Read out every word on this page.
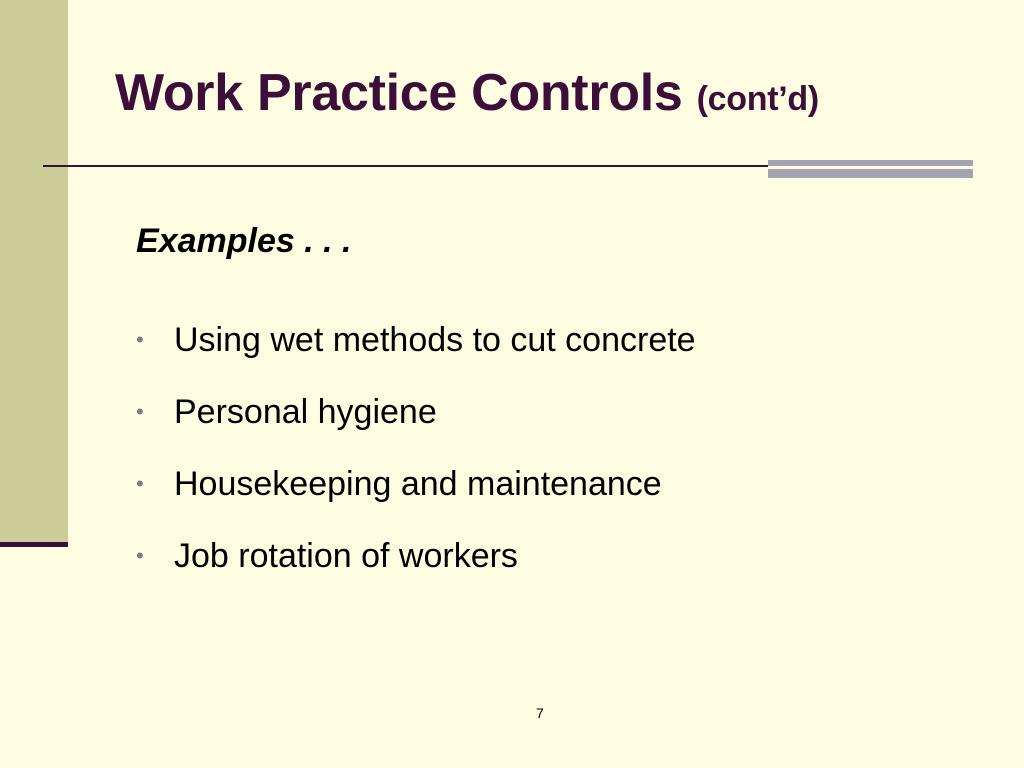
Work Practice Controls (cont’d)
Examples . . .
• Using wet methods to cut concrete
• Personal hygiene
• Housekeeping and maintenance
• Job rotation of workers
7
